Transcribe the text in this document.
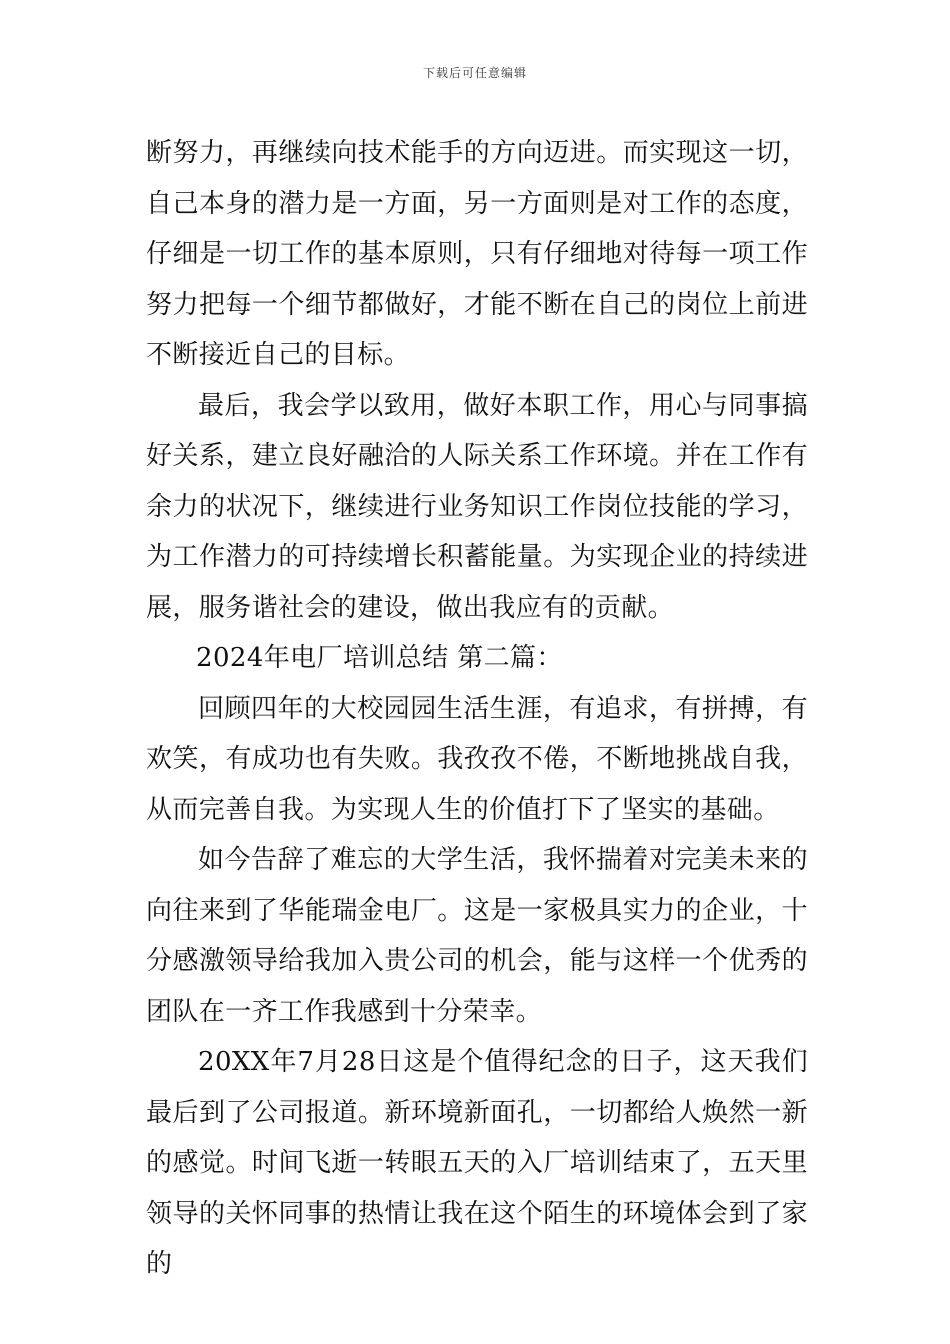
下载后可任意编辑

断努力，再继续向技术能手的方向迈进。而实现这一切，自己本身的潜力是一方面，另一方面则是对工作的态度，仔细是一切工作的基本原则，只有仔细地对待每一项工作努力把每一个细节都做好，才能不断在自己的岗位上前进不断接近自己的目标。

最后，我会学以致用，做好本职工作，用心与同事搞好关系，建立良好融洽的人际关系工作环境。并在工作有余力的状况下，继续进行业务知识工作岗位技能的学习，为工作潜力的可持续增长积蓄能量。为实现企业的持续进展，服务谐社会的建设，做出我应有的贡献。

2024年电厂培训总结 第二篇：

回顾四年的大校园园生活生涯，有追求，有拼搏，有欢笑，有成功也有失败。我孜孜不倦，不断地挑战自我，从而完善自我。为实现人生的价值打下了坚实的基础。

如今告辞了难忘的大学生活，我怀揣着对完美未来的向往来到了华能瑞金电厂。这是一家极具实力的企业，十分感激领导给我加入贵公司的机会，能与这样一个优秀的团队在一齐工作我感到十分荣幸。

20XX年7月28日这是个值得纪念的日子，这天我们最后到了公司报道。新环境新面孔，一切都给人焕然一新的感觉。时间飞逝一转眼五天的入厂培训结束了，五天里领导的关怀同事的热情让我在这个陌生的环境体会到了家的
